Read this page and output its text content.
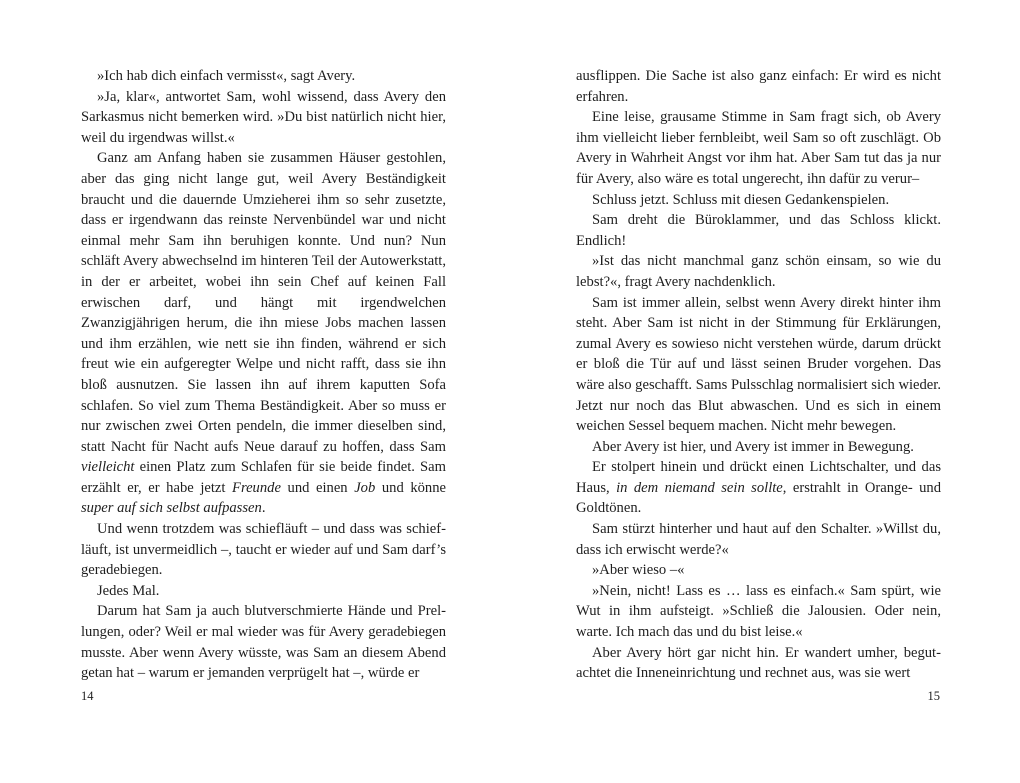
»Ich hab dich einfach vermisst«, sagt Avery.

»Ja, klar«, antwortet Sam, wohl wissend, dass Avery den Sarkasmus nicht bemerken wird. »Du bist natürlich nicht hier, weil du irgendwas willst.«

Ganz am Anfang haben sie zusammen Häuser gestohlen, aber das ging nicht lange gut, weil Avery Beständigkeit braucht und die dauernde Umzieherei ihm so sehr zusetzte, dass er irgendwann das reinste Nervenbündel war und nicht einmal mehr Sam ihn beruhigen konnte. Und nun? Nun schläft Avery abwechselnd im hinteren Teil der Autowerkstatt, in der er arbeitet, wobei ihn sein Chef auf keinen Fall erwischen darf, und hängt mit irgendwelchen Zwanzigjährigen herum, die ihn miese Jobs machen lassen und ihm erzählen, wie nett sie ihn finden, während er sich freut wie ein aufgeregter Welpe und nicht rafft, dass sie ihn bloß ausnutzen. Sie lassen ihn auf ihrem kaputten Sofa schlafen. So viel zum Thema Beständigkeit. Aber so muss er nur zwischen zwei Orten pendeln, die immer dieselben sind, statt Nacht für Nacht aufs Neue darauf zu hoffen, dass Sam vielleicht einen Platz zum Schlafen für sie beide findet. Sam erzählt er, er habe jetzt Freunde und einen Job und könne super auf sich selbst aufpassen.

Und wenn trotzdem was schiefläuft – und dass was schiefläuft, ist unvermeidlich –, taucht er wieder auf und Sam darf’s geradebiegen.

Jedes Mal.

Darum hat Sam ja auch blutverschmierte Hände und Prellungen, oder? Weil er mal wieder was für Avery geradebiegen musste. Aber wenn Avery wüsste, was Sam an diesem Abend getan hat – warum er jemanden verprügelt hat –, würde er

14

ausflippen. Die Sache ist also ganz einfach: Er wird es nicht erfahren.

Eine leise, grausame Stimme in Sam fragt sich, ob Avery ihm vielleicht lieber fernbleibt, weil Sam so oft zuschlägt. Ob Avery in Wahrheit Angst vor ihm hat. Aber Sam tut das ja nur für Avery, also wäre es total ungerecht, ihn dafür zu verur–

Schluss jetzt. Schluss mit diesen Gedankenspielen.

Sam dreht die Büroklammer, und das Schloss klickt. Endlich!

»Ist das nicht manchmal ganz schön einsam, so wie du lebst?«, fragt Avery nachdenklich.

Sam ist immer allein, selbst wenn Avery direkt hinter ihm steht. Aber Sam ist nicht in der Stimmung für Erklärungen, zumal Avery es sowieso nicht verstehen würde, darum drückt er bloß die Tür auf und lässt seinen Bruder vorgehen. Das wäre also geschafft. Sams Pulsschlag normalisiert sich wieder. Jetzt nur noch das Blut abwaschen. Und es sich in einem weichen Sessel bequem machen. Nicht mehr bewegen.

Aber Avery ist hier, und Avery ist immer in Bewegung.

Er stolpert hinein und drückt einen Lichtschalter, und das Haus, in dem niemand sein sollte, erstrahlt in Orange- und Goldtönen.

Sam stürzt hinterher und haut auf den Schalter. »Willst du, dass ich erwischt werde?«

»Aber wieso –«

»Nein, nicht! Lass es … lass es einfach.« Sam spürt, wie Wut in ihm aufsteigt. »Schließ die Jalousien. Oder nein, warte. Ich mach das und du bist leise.«

Aber Avery hört gar nicht hin. Er wandert umher, begutachtet die Inneneinrichtung und rechnet aus, was sie wert

15
